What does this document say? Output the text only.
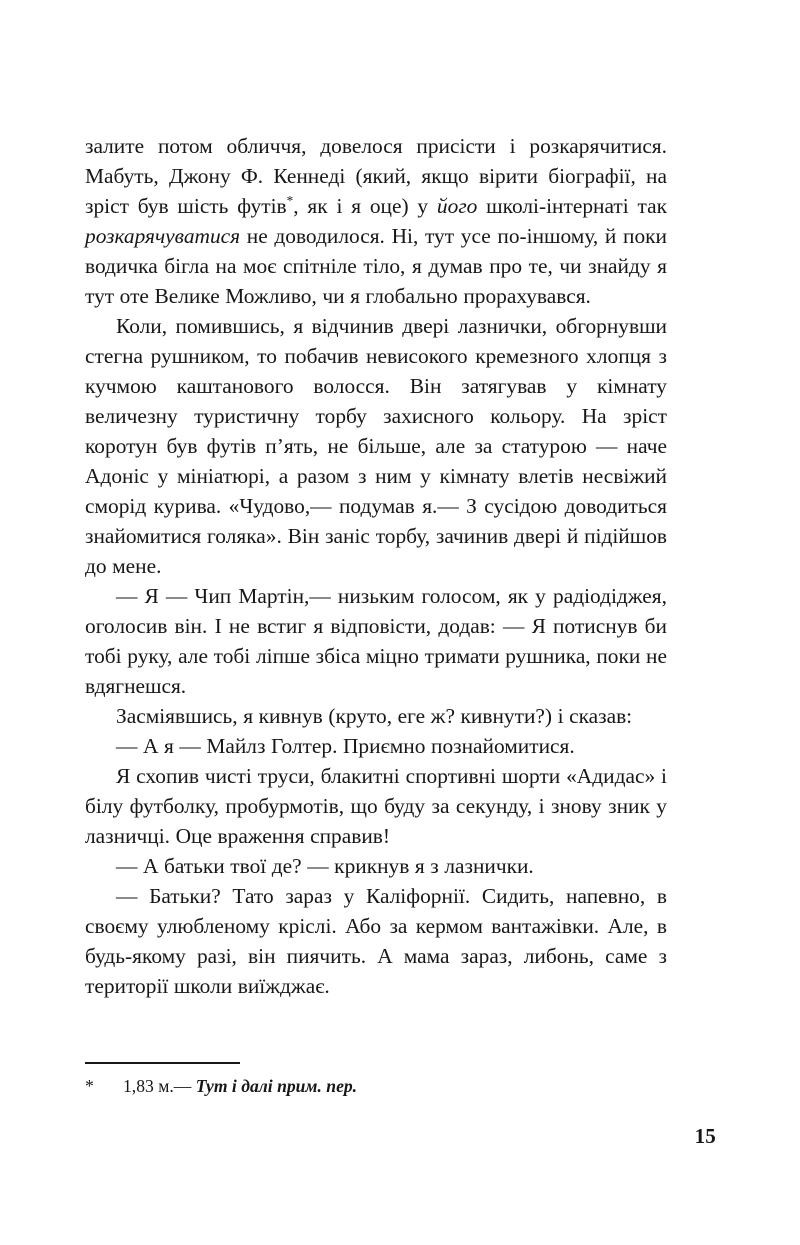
залите потом обличчя, довелося присісти і розкарячитися. Мабуть, Джону Ф. Кеннеді (який, якщо вірити біографії, на зріст був шість футів*, як і я оце) у його школі-інтернаті так розкарячуватися не доводилося. Ні, тут усе по-іншому, й поки водичка бігла на моє спітніле тіло, я думав про те, чи знайду я тут оте Велике Можливо, чи я глобально прорахувався.

Коли, помившись, я відчинив двері лазнички, обгорнувши стегна рушником, то побачив невисокого кремезного хлопця з кучмою каштанового волосся. Він затягував у кімнату величезну туристичну торбу захисного кольору. На зріст коротун був футів п’ять, не більше, але за статурою — наче Адоніс у мініатюрі, а разом з ним у кімнату влетів несвіжий сморід курива. «Чудово,— подумав я.— З сусідою доводиться знайомитися голяка». Він заніс торбу, зачинив двері й підійшов до мене.

— Я — Чип Мартін,— низьким голосом, як у радіодіджея, оголосив він. І не встиг я відповісти, додав: — Я потиснув би тобі руку, але тобі ліпше збіса міцно тримати рушника, поки не вдягнешся.

Засміявшись, я кивнув (круто, еге ж? кивнути?) і сказав:

— А я — Майлз Голтер. Приємно познайомитися.

Я схопив чисті труси, блакитні спортивні шорти «Адидас» і білу футболку, пробурмотів, що буду за секунду, і знову зник у лазничці. Оце враження справив!

— А батьки твої де? — крикнув я з лазнички.

— Батьки? Тато зараз у Каліфорнії. Сидить, напевно, в своєму улюбленому кріслі. Або за кермом вантажівки. Але, в будь-якому разі, він пиячить. А мама зараз, либонь, саме з території школи виїжджає.

* 1,83 м.— Тут і далі прим. пер.

15
